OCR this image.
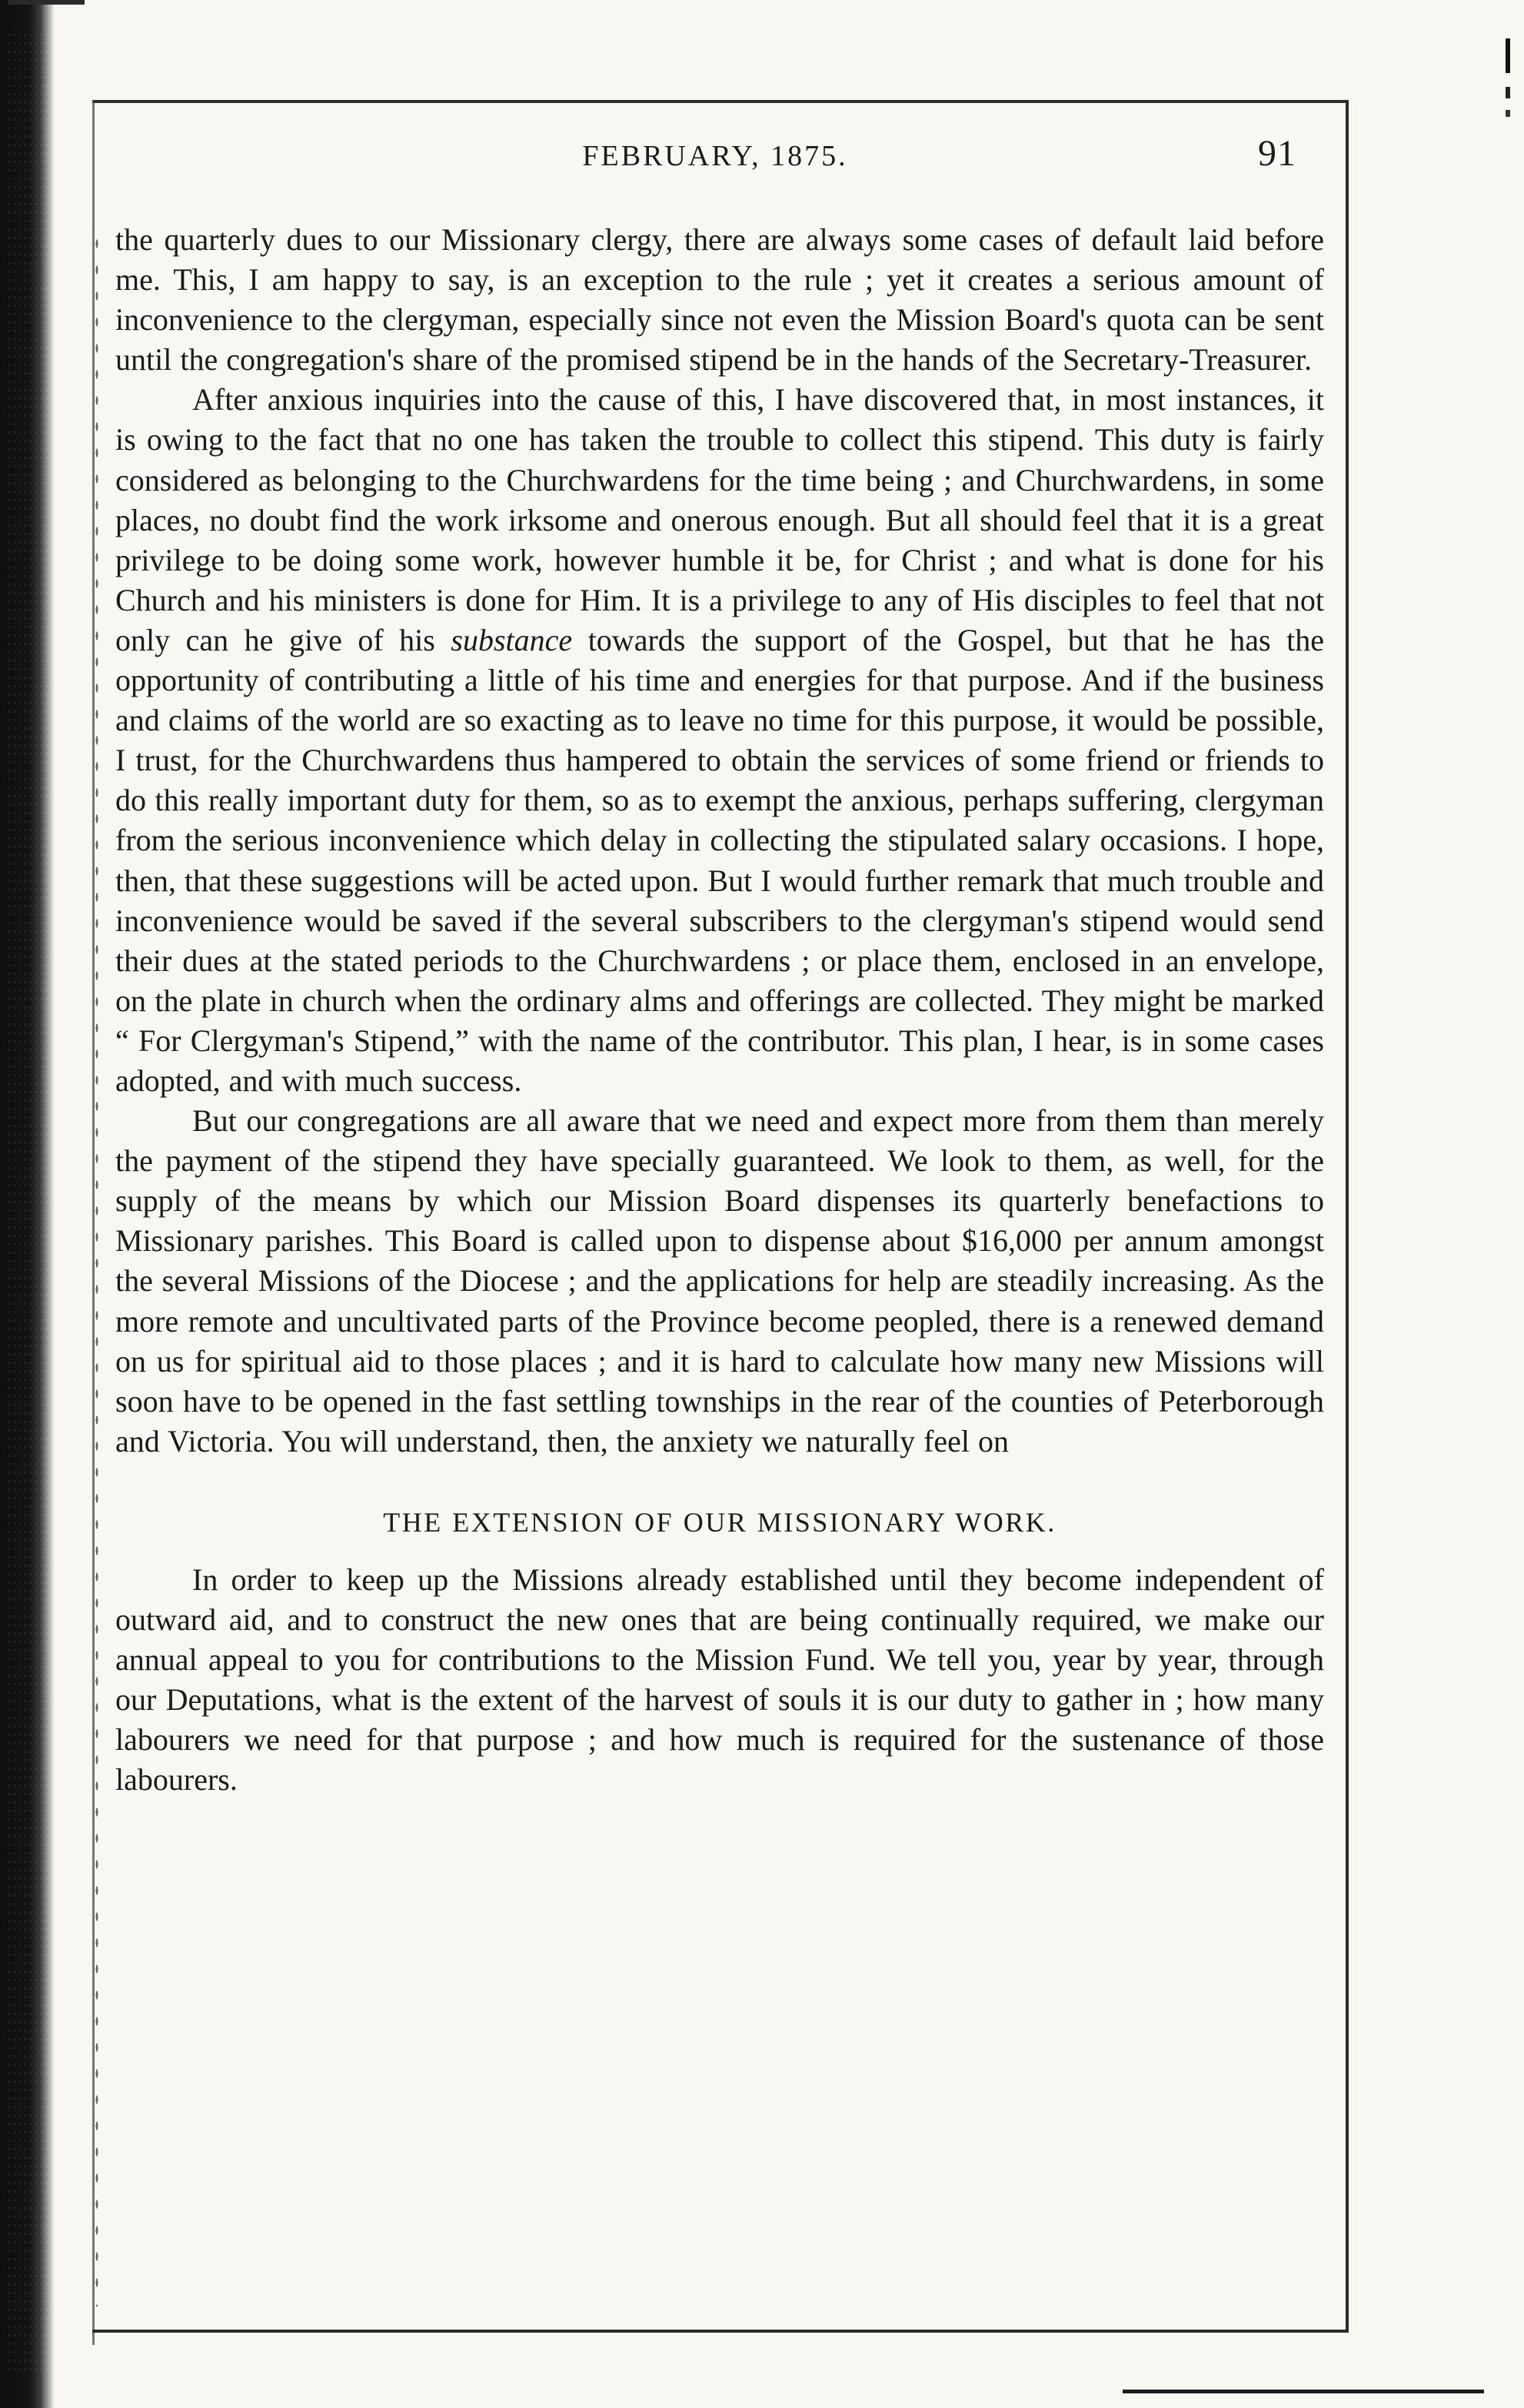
FEBRUARY, 1875.	91

the quarterly dues to our Missionary clergy, there are always some cases of default laid before me. This, I am happy to say, is an exception to the rule ; yet it creates a serious amount of inconvenience to the clergyman, especially since not even the Mission Board's quota can be sent until the congregation's share of the promised stipend be in the hands of the Secretary-Treasurer.

After anxious inquiries into the cause of this, I have discovered that, in most instances, it is owing to the fact that no one has taken the trouble to collect this stipend. This duty is fairly considered as belonging to the Churchwardens for the time being ; and Churchwardens, in some places, no doubt find the work irksome and onerous enough. But all should feel that it is a great privilege to be doing some work, however humble it be, for Christ ; and what is done for his Church and his ministers is done for Him. It is a privilege to any of His disciples to feel that not only can he give of his substance towards the support of the Gospel, but that he has the opportunity of contributing a little of his time and energies for that purpose. And if the business and claims of the world are so exacting as to leave no time for this purpose, it would be possible, I trust, for the Churchwardens thus hampered to obtain the services of some friend or friends to do this really important duty for them, so as to exempt the anxious, perhaps suffering, clergyman from the serious inconvenience which delay in collecting the stipulated salary occasions. I hope, then, that these suggestions will be acted upon. But I would further remark that much trouble and inconvenience would be saved if the several subscribers to the clergyman's stipend would send their dues at the stated periods to the Churchwardens ; or place them, enclosed in an envelope, on the plate in church when the ordinary alms and offerings are collected. They might be marked “ For Clergyman's Stipend,” with the name of the contributor. This plan, I hear, is in some cases adopted, and with much success.

But our congregations are all aware that we need and expect more from them than merely the payment of the stipend they have specially guaranteed. We look to them, as well, for the supply of the means by which our Mission Board dispenses its quarterly benefactions to Missionary parishes. This Board is called upon to dispense about $16,000 per annum amongst the several Missions of the Diocese ; and the applications for help are steadily increasing. As the more remote and uncultivated parts of the Province become peopled, there is a renewed demand on us for spiritual aid to those places ; and it is hard to calculate how many new Missions will soon have to be opened in the fast settling townships in the rear of the counties of Peterborough and Victoria. You will understand, then, the anxiety we naturally feel on

THE EXTENSION OF OUR MISSIONARY WORK.

In order to keep up the Missions already established until they become independent of outward aid, and to construct the new ones that are being continually required, we make our annual appeal to you for contributions to the Mission Fund. We tell you, year by year, through our Deputations, what is the extent of the harvest of souls it is our duty to gather in ; how many labourers we need for that purpose ; and how much is required for the sustenance of those labourers.
